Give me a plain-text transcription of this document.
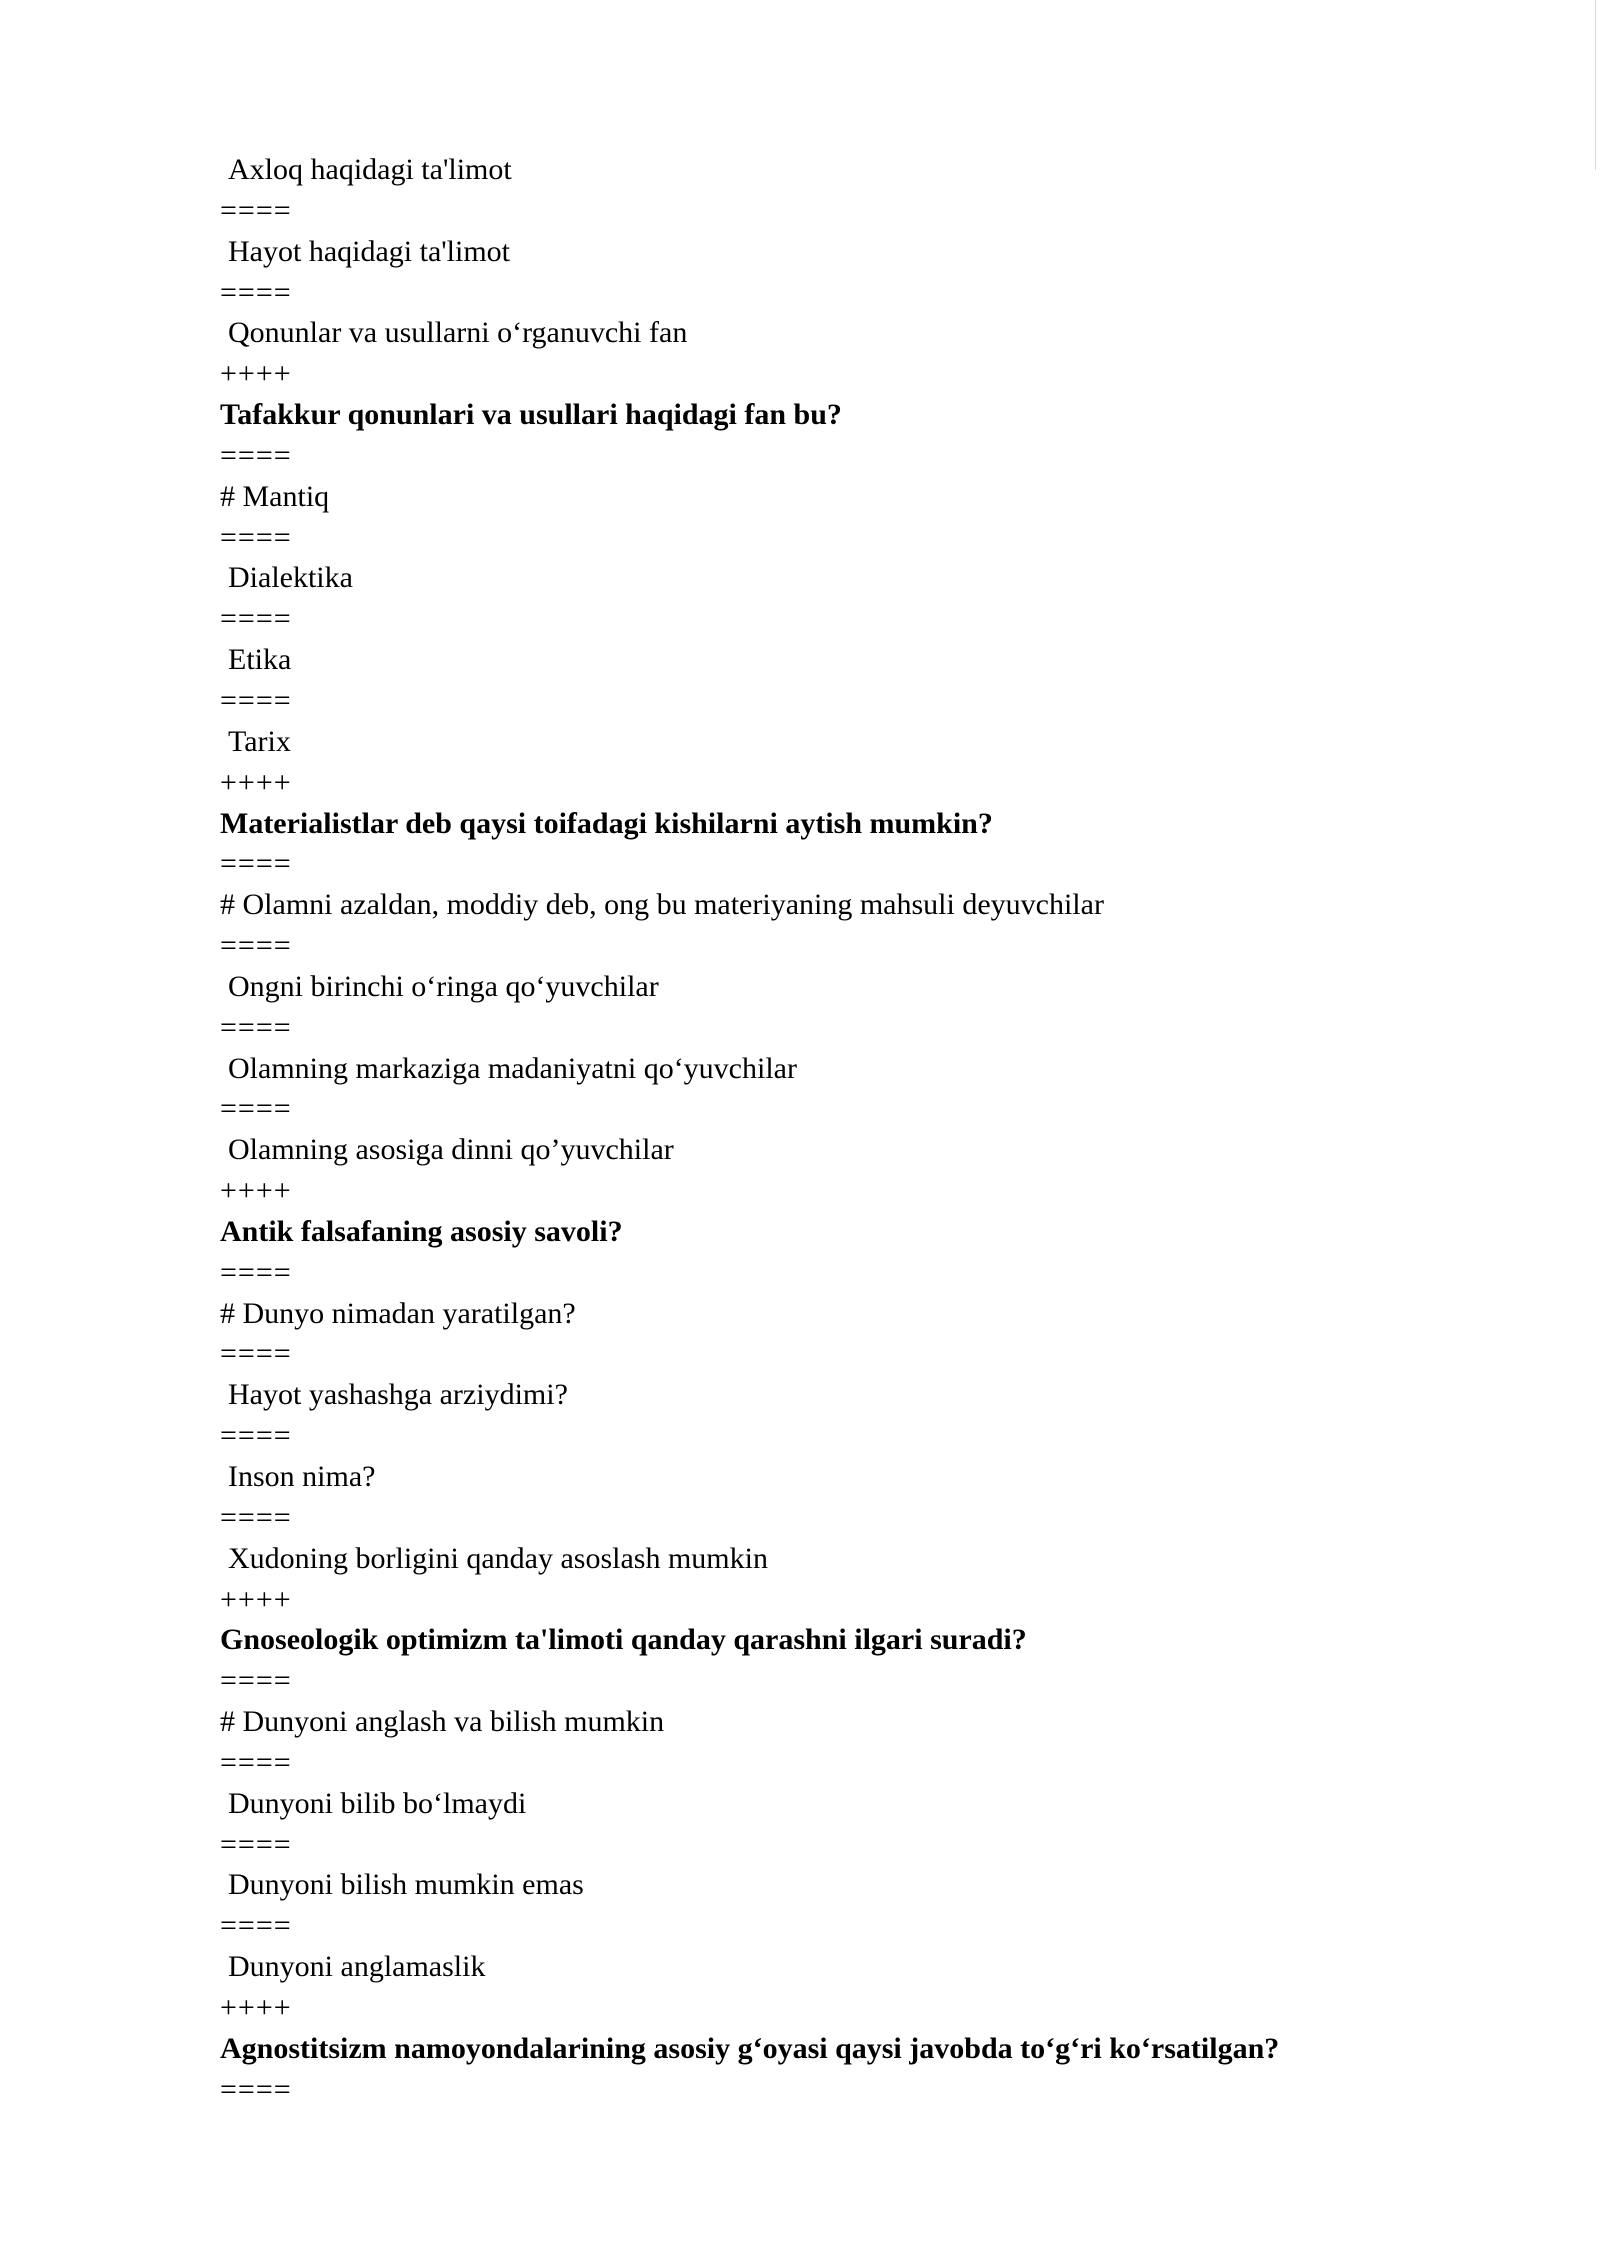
Axloq haqidagi ta'limot
====
Hayot haqidagi ta'limot
====
Qonunlar va usullarni o‘rganuvchi fan
++++
Tafakkur qonunlari va usullari haqidagi fan bu?
====
# Mantiq
====
Dialektika
====
Etika
====
Tarix
++++
Materialistlar deb qaysi toifadagi kishilarni aytish mumkin?
====
# Olamni azaldan, moddiy deb, ong bu materiyaning mahsuli deyuvchilar
====
Ongni birinchi o‘ringa qo‘yuvchilar
====
Olamning markaziga madaniyatni qo‘yuvchilar
====
Olamning asosiga dinni qo’yuvchilar
++++
Antik falsafaning asosiy savoli?
====
# Dunyo nimadan yaratilgan?
====
Hayot yashashga arziydimi?
====
Inson nima?
====
Xudoning borligini qanday asoslash mumkin
++++
Gnoseologik optimizm ta'limoti qanday qarashni ilgari suradi?
====
# Dunyoni anglash va bilish mumkin
====
Dunyoni bilib bo‘lmaydi
====
Dunyoni bilish mumkin emas
====
Dunyoni anglamaslik
++++
Agnostitsizm namoyondalarining asosiy g‘oyasi qaysi javobda to‘g‘ri ko‘rsatilgan?
====
